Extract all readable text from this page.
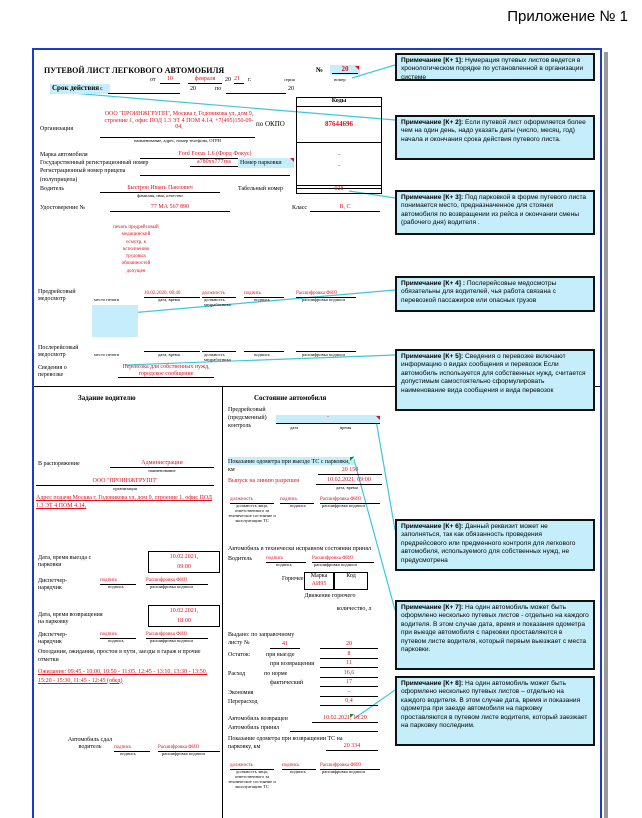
Приложение № 1
ПУТЕВОЙ ЛИСТ ЛЕГКОВОГО АВТОМОБИЛЯ	№	20
серия	номер
от	10	февраля	20 21	г.
Срок действия с	20	по	20
Коды
87644696
по ОКПО
-
-
Организация
ООО "ПРОИНЖГРУПП", Москва г, Годовикова ул, дом 9, строение 1, офис ПОД 1.3 ЭТ 4 ПОМ 4.14, +7(495)150-09-04,
наименование, адрес, номер телефона, ОГРН
Марка автомобиля	Ford Focus 1.6 (Форд Фокус)
Государственный регистрационный номер	а780хх777rus	Номер парковки
Регистрационный номер прицепа
(полуприцепа)
Водитель	Быстров Иванъ Павлович
фамилия, имя, отчество
Табельный номер	028
Удостоверение №	77 МА 567 890	Класс	B, C
печать предрейсовый медицинский осмотр, к исполнению трудовых обязанностей допущен
Предрейсовый медосмотр
10.02.2020, 08:40	должность	подпись	Расшифровка ФИО
место печати	дата, время	должность медработника
подпись	расшифровка подписи
Послерейсовый медосмотр	место печати	дата, время	должность медработника
подпись	расшифровка подписи
Сведения о перевозке
Перевозка для собственных нужд, городское сообщение
Задание водителю
В распоряжение	Администрации
наименование
ООО "ПРОИНЖГРУПП"
организация
Адрес подачи Москва г, Годовикова ул, дом 9, строение 1, офис ПОД 1.3 ЭТ 4 ПОМ 4.14,
Дата, время выезда с парковки
10.02.2021,
09:00
Диспетчер-нарядчик
подпись	Расшифровка ФИО
подпись	расшифровка подписи
Дата, время возвращения на парковку
10.02.2021,
18:00
Диспетчер-нарядчик
подпись	Расшифровка ФИО
подпись	расшифровка подписи
Опоздания, ожидания, простои в пути, заезды в гараж и прочие отметки
Ожидание: 09:45 - 10:00, 10:50 - 11:05, 12:45 - 13:10, 13:38 - 13:50, 15:20 - 15:30, 11:45 - 12:45 (обед)
Автомобиль сдал водитель	подпись	Расшифровка ФИО
подпись	расшифровка подписи
Состояние автомобиля
Предрейсовый (предсменный) контроль
-
дата	время
Показание одометра при выезде ТС с парковки, км	20 150
Выпуск на линию разрешен	10.02.2021, 09:00
дата, время
должность	подпись	Расшифровка ФИО
должность лица, ответственного за техническое состояние и эксплуатацию ТС
подпись	расшифровка подписи
Автомобиль в технически исправном состоянии принял
Водитель	подпись	Расшифровка ФИО
подпись	расшифровка подписи
Горючее	Марка
АИ95
Код
Движение горючего
количество, л
Выдано: по заправочному листу №	41	20
Остаток:	при выезде	8
при возвращении	11
Расход	по норме	16,6
фактический	17
Экономия	-
Перерасход	0,4
Автомобиль возвращен	10.02.2021, 18:20
Автомобиль принял
Показание одометра при возвращении ТС на парковку, км	20 334
должность	подпись	Расшифровка ФИО
должность лица, ответственного за техническое состояние и эксплуатацию ТС
подпись	расшифровка подписи
Примечание [К+ 1]: Нумерация путевых листов ведется в хронологическом порядке по установленной в организации системе
Примечание [К+ 2]: Если путевой лист оформляется более чем на один день, надо указать даты (число, месяц, год) начала и окончания срока действия путевого листа.
Примечание [К+ 3]: Под парковкой в форме путевого листа понимается место, предназначенное для стоянки автомобиля по возвращении из рейса и окончании смены (рабочего дня) водителя .
Примечание [К+ 4] : Послерейсовые медосмотры обязательны для водителей, чья работа связана с перевозкой пассажиров или опасных грузов
Примечание [К+ 5]: Сведения о перевозке включают информацию о видах сообщения и перевозок Если автомобиль используется для собственных нужд, считается допустимым самостоятельно сформулировать наименование вида сообщения и вида перевозок
Примечание [К+ 6]: Данный реквизит может не заполняться, так как обязанность проведения предрейсового или предменного контроля для легкового автомобиля, используемого для собственных нужд, не предусмотрена
Примечание [К+ 7]: На один автомобиль может быть оформлено несколько путевых листов - отдельно на каждого водителя. В этом случае дата, время и показания одометра при выезде автомобиля с парковки проставляются в путевом листе водителя, который первым выезжает с места парковки.
Примечание [К+ 8]: На один автомобиль может быть оформлено несколько путевых листов – отдельно на каждого водителя. В этом случае дата, время и показания одометра при заезде автомобиля на парковку проставляются в путевом листе водителя, который заезжает на парковку последним.
